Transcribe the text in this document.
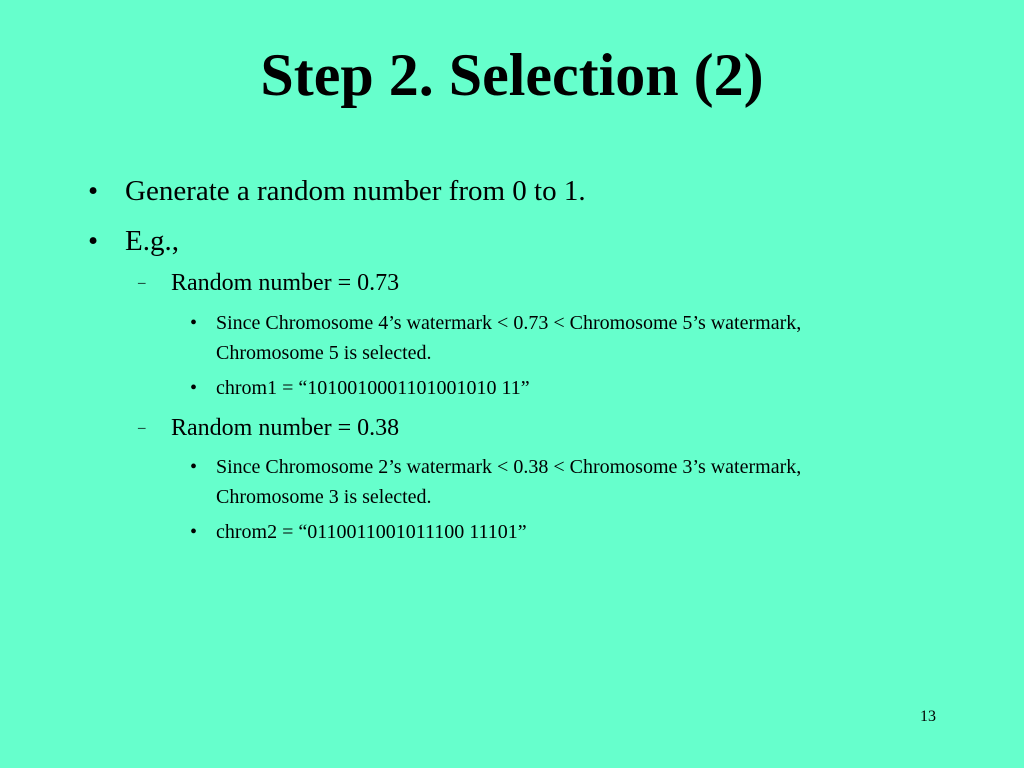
Step 2. Selection (2)
• Generate a random number from 0 to 1.
• E.g.,
– Random number = 0.73
• Since Chromosome 4’s watermark < 0.73 < Chromosome 5’s watermark, Chromosome 5 is selected.
• chrom1 = “1010010001101001010 11”
– Random number = 0.38
• Since Chromosome 2’s watermark < 0.38 < Chromosome 3’s watermark, Chromosome 3 is selected.
• chrom2 = “0110011001011100 11101”
13
